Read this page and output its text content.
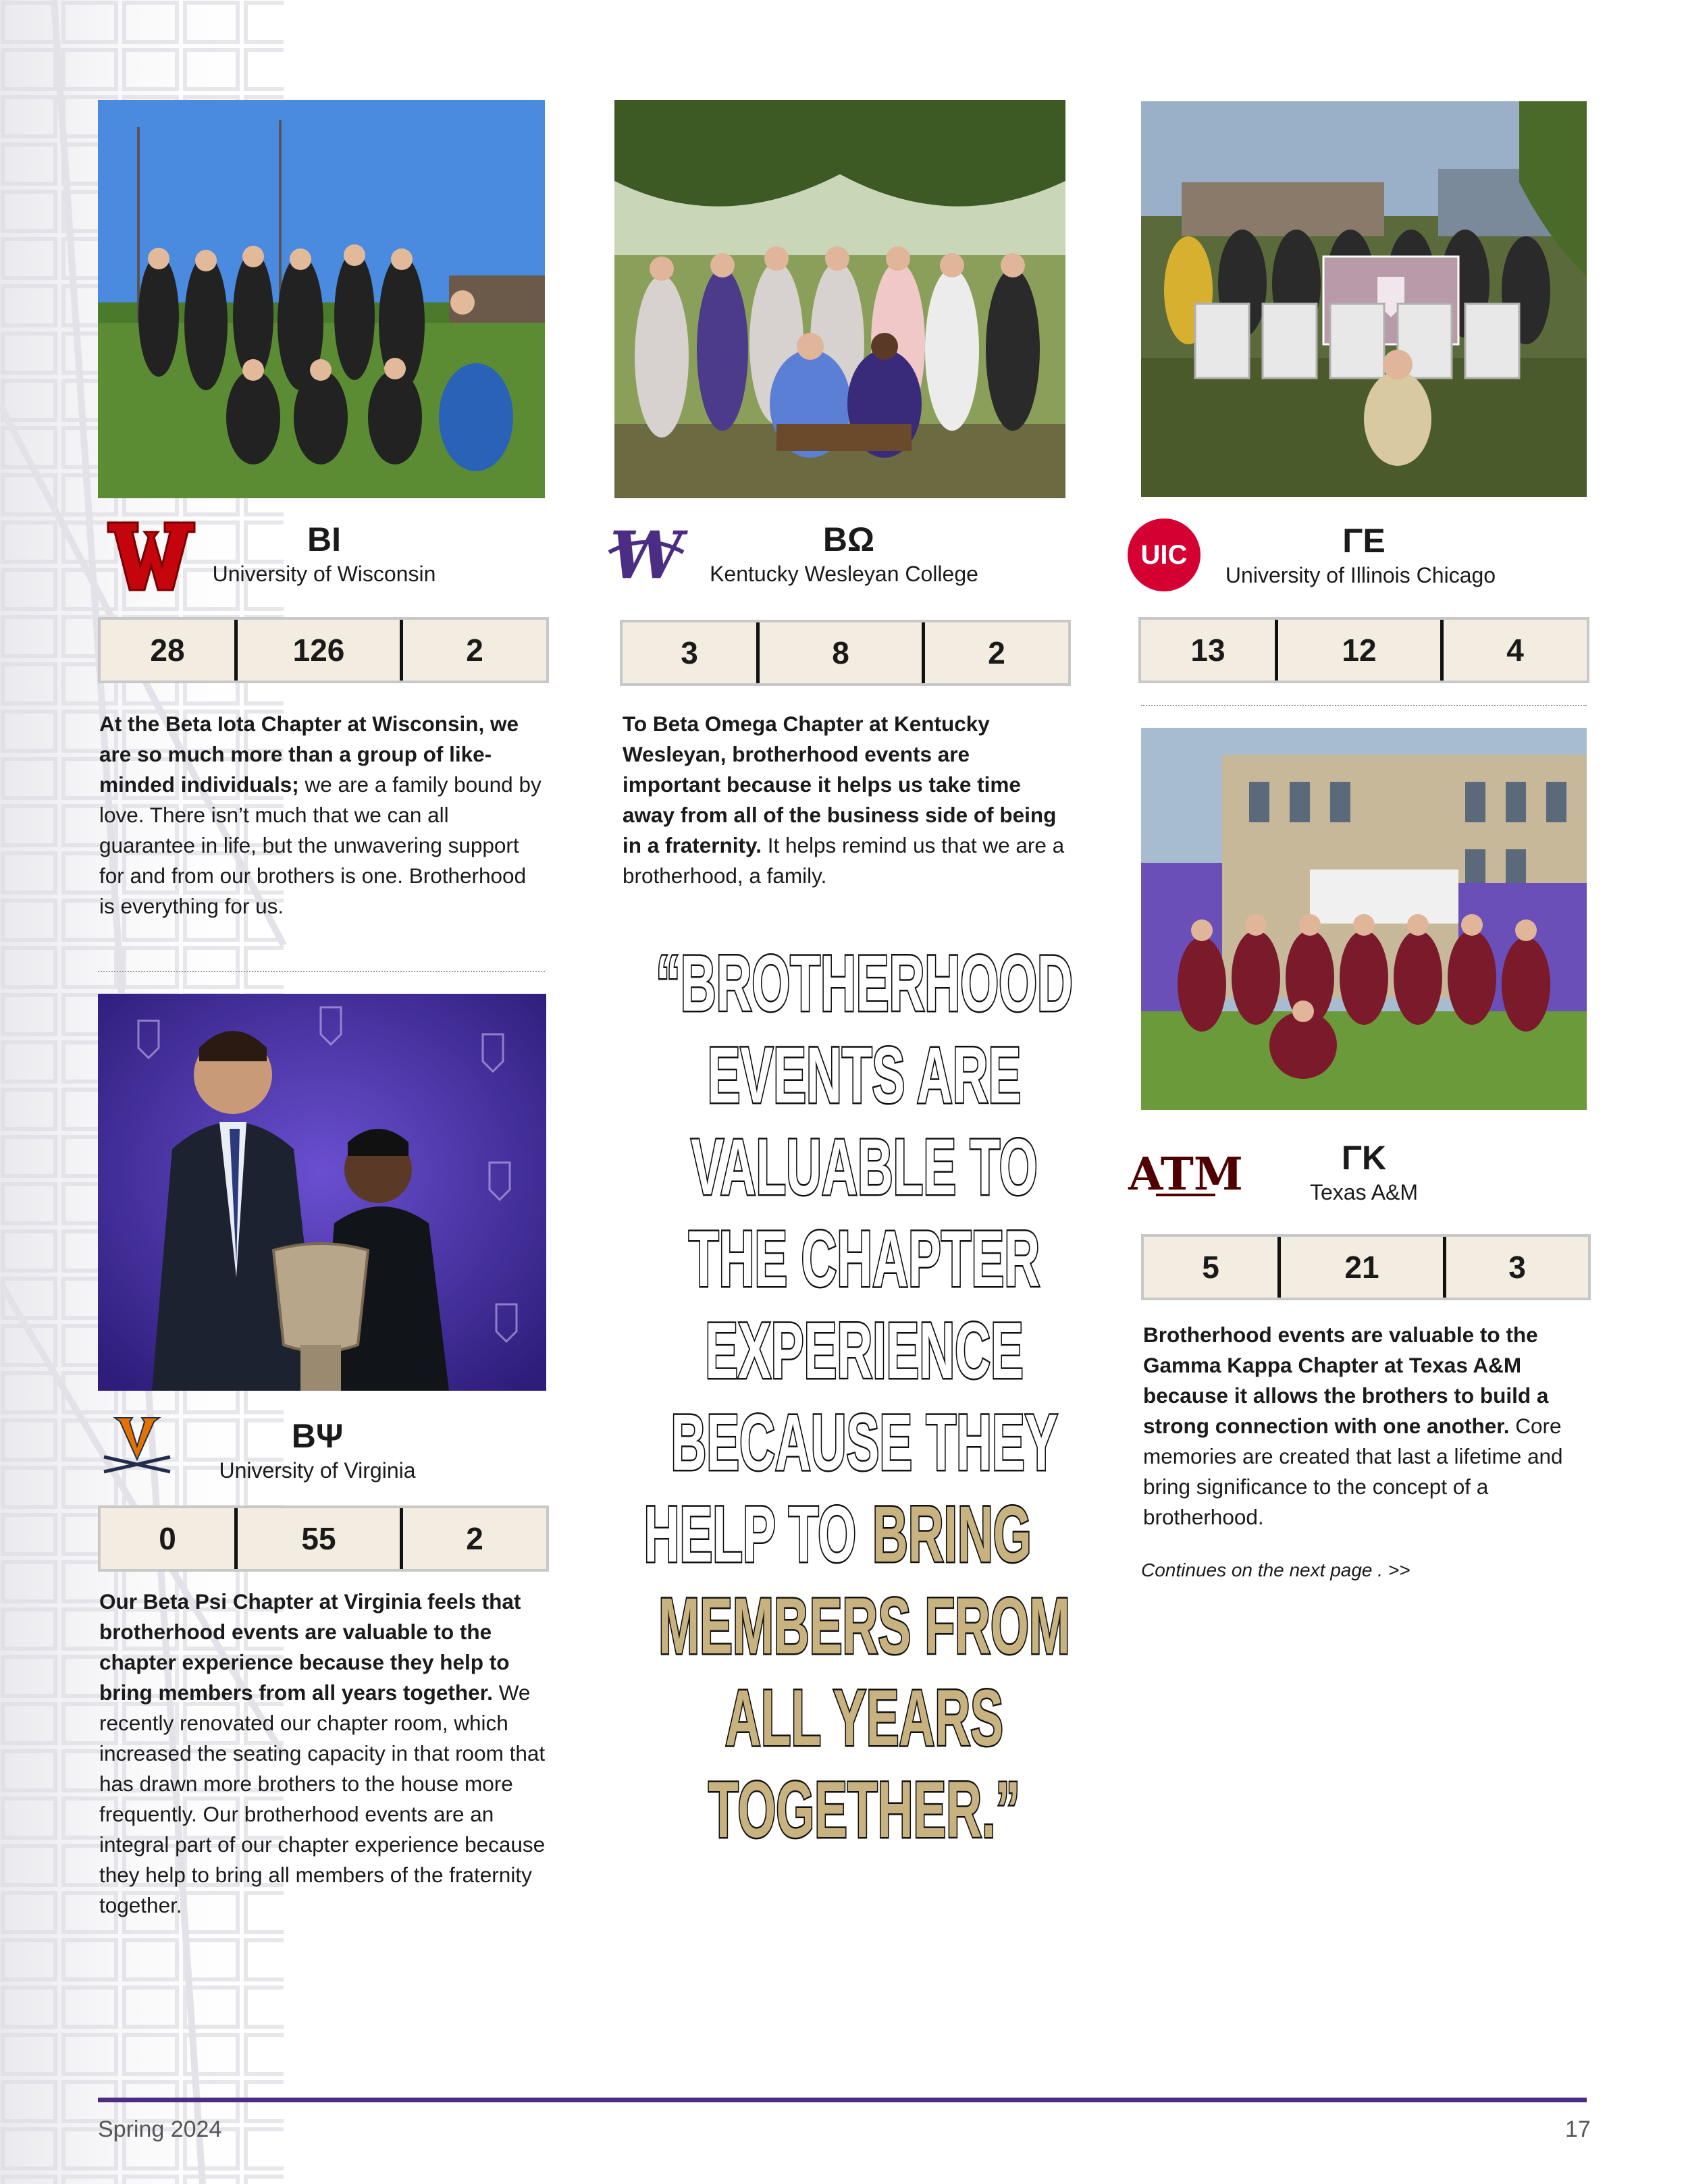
ΒΙ
University of Wisconsin
28	126	2
At the Beta Iota Chapter at Wisconsin, we are so much more than a group of like-minded individuals; we are a family bound by love. There isn’t much that we can all guarantee in life, but the unwavering support for and from our brothers is one. Brotherhood is everything for us.
ΒΨ
University of Virginia
0	55	2
Our Beta Psi Chapter at Virginia feels that brotherhood events are valuable to the chapter experience because they help to bring members from all years together. We recently renovated our chapter room, which increased the seating capacity in that room that has drawn more brothers to the house more frequently. Our brotherhood events are an integral part of our chapter experience because they help to bring all members of the fraternity together.
W	ΒΩ
Kentucky Wesleyan College
3	8	2
To Beta Omega Chapter at Kentucky Wesleyan, brotherhood events are important because it helps us take time away from all of the business side of being in a fraternity. It helps remind us that we are a brotherhood, a family.
“BROTHERHOOD
EVENTS ARE
VALUABLE TO
THE CHAPTER
EXPERIENCE
BECAUSE THEY
HELP TO BRING
MEMBERS FROM
ALL YEARS
TOGETHER.”
UIC	ΓΕ
University of Illinois Chicago
13	12	4
ATM	ΓΚ
Texas A&M
5	21	3
Brotherhood events are valuable to the Gamma Kappa Chapter at Texas A&M because it allows the brothers to build a strong connection with one another. Core memories are created that last a lifetime and bring significance to the concept of a brotherhood.
Continues on the next page . >>
Spring 2024	17
